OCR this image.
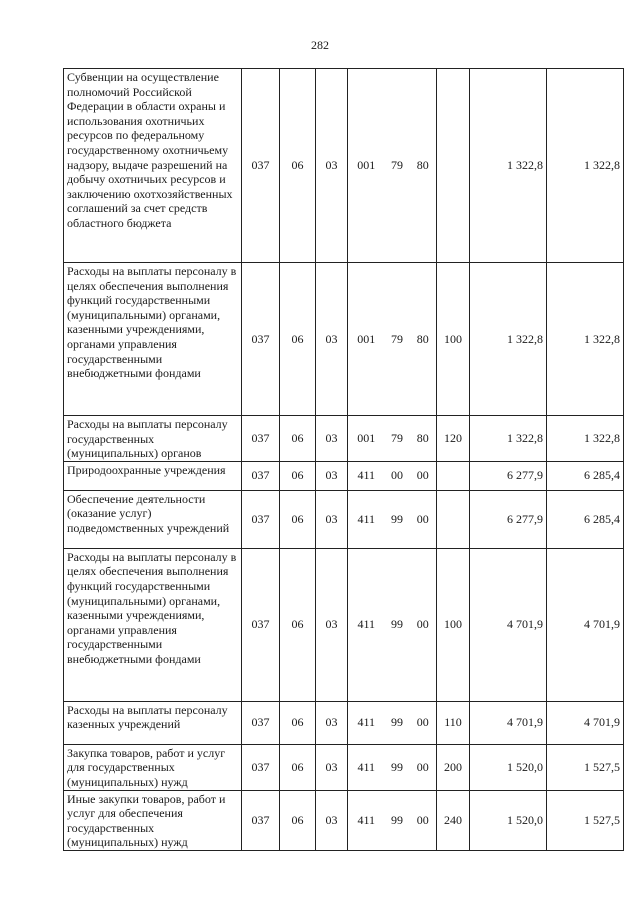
282
Субвенции на осуществление полномочий Российской Федерации в области охраны и использования охотничьих ресурсов по федеральному государственному охотничьему надзору, выдаче разрешений на добычу охотничьих ресурсов и заключению охотхозяйственных соглашений за счет средств областного бюджета	037	06	03	001	79	80		1 322,8	1 322,8
Расходы на выплаты персоналу в целях обеспечения выполнения функций государственными (муниципальными) органами, казенными учреждениями, органами управления государственными внебюджетными фондами	037	06	03	001	79	80	100	1 322,8	1 322,8
Расходы на выплаты персоналу государственных (муниципальных) органов	037	06	03	001	79	80	120	1 322,8	1 322,8
Природоохранные учреждения	037	06	03	411	00	00		6 277,9	6 285,4
Обеспечение деятельности (оказание услуг) подведомственных учреждений	037	06	03	411	99	00		6 277,9	6 285,4
Расходы на выплаты персоналу в целях обеспечения выполнения функций государственными (муниципальными) органами, казенными учреждениями, органами управления государственными внебюджетными фондами	037	06	03	411	99	00	100	4 701,9	4 701,9
Расходы на выплаты персоналу казенных учреждений	037	06	03	411	99	00	110	4 701,9	4 701,9
Закупка товаров, работ и услуг для государственных (муниципальных) нужд	037	06	03	411	99	00	200	1 520,0	1 527,5
Иные закупки товаров, работ и услуг для обеспечения государственных (муниципальных) нужд	037	06	03	411	99	00	240	1 520,0	1 527,5
